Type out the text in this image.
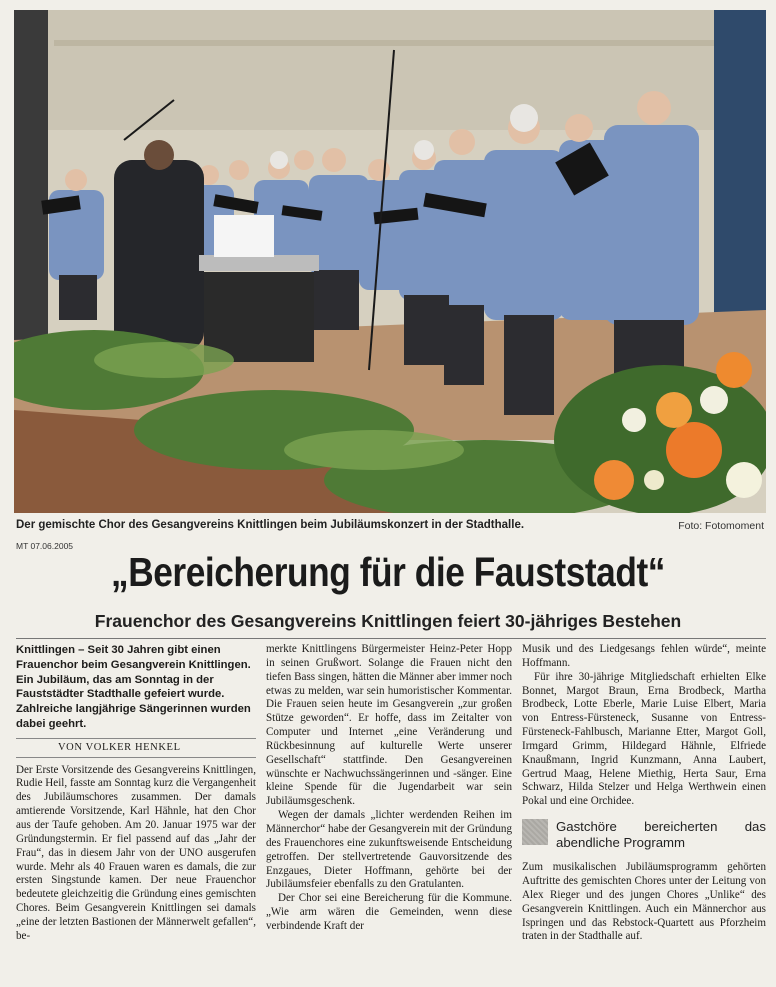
Der gemischte Chor des Gesangvereins Knittlingen beim Jubiläumskonzert in der Stadthalle.	Foto: Fotomoment
MT 07.06.2005
„Bereicherung für die Fauststadt“
Frauenchor des Gesangvereins Knittlingen feiert 30-jähriges Bestehen

Knittlingen – Seit 30 Jahren gibt einen Frauenchor beim Gesangverein Knittlingen. Ein Jubiläum, das am Sonntag in der Fauststädter Stadthalle gefeiert wurde. Zahlreiche langjährige Sängerinnen wurden dabei geehrt.

VON VOLKER HENKEL

Der Erste Vorsitzende des Gesangvereins Knittlingen, Rudie Heil, fasste am Sonntag kurz die Vergangenheit des Jubiläumschores zusammen. Der damals amtierende Vorsitzende, Karl Hähnle, hat den Chor aus der Taufe gehoben. Am 20. Januar 1975 war der Gründungstermin. Er fiel passend auf das „Jahr der Frau“, das in diesem Jahr von der UNO ausgerufen wurde. Mehr als 40 Frauen waren es damals, die zur ersten Singstunde kamen. Der neue Frauenchor bedeutete gleichzeitig die Gründung eines gemischten Chores. Beim Gesangverein Knittlingen sei damals „eine der letzten Bastionen der Männerwelt gefallen“, be-

merkte Knittlingens Bürgermeister Heinz-Peter Hopp in seinen Grußwort. Solange die Frauen nicht den tiefen Bass singen, hätten die Männer aber immer noch etwas zu melden, war sein humoristischer Kommentar. Die Frauen seien heute im Gesangverein „zur großen Stütze geworden“. Er hoffe, dass im Zeitalter von Computer und Internet „eine Veränderung und Rückbesinnung auf kulturelle Werte unserer Gesellschaft“ stattfinde. Den Gesangvereinen wünschte er Nachwuchssängerinnen und -sänger. Eine kleine Spende für die Jugendarbeit war sein Jubiläumsgeschenk.

Wegen der damals „lichter werdenden Reihen im Männerchor“ habe der Gesangverein mit der Gründung des Frauenchores eine zukunftsweisende Entscheidung getroffen. Der stellvertretende Gauvorsitzende des Enzgaues, Dieter Hoffmann, gehörte bei der Jubiläumsfeier ebenfalls zu den Gratulanten.

Der Chor sei eine Bereicherung für die Kommune. „Wie arm wären die Gemeinden, wenn diese verbindende Kraft der

Musik und des Liedgesangs fehlen würde“, meinte Hoffmann.

Für ihre 30-jährige Mitgliedschaft erhielten Elke Bonnet, Margot Braun, Erna Brodbeck, Martha Brodbeck, Lotte Eberle, Marie Luise Elbert, Maria von Entress-Fürsteneck, Susanne von Entress-Fürsteneck-Fahlbusch, Marianne Etter, Margot Goll, Irmgard Grimm, Hildegard Hähnle, Elfriede Knaußmann, Ingrid Kunzmann, Anna Laubert, Gertrud Maag, Helene Miethig, Herta Saur, Erna Schwarz, Hilda Stelzer und Helga Werthwein einen Pokal und eine Orchidee.

Gastchöre bereicherten das abendliche Programm

Zum musikalischen Jubiläumsprogramm gehörten Auftritte des gemischten Chores unter der Leitung von Alex Rieger und des jungen Chores „Unlike“ des Gesangverein Knittlingen. Auch ein Männerchor aus Ispringen und das Rebstock-Quartett aus Pforzheim traten in der Stadthalle auf.
